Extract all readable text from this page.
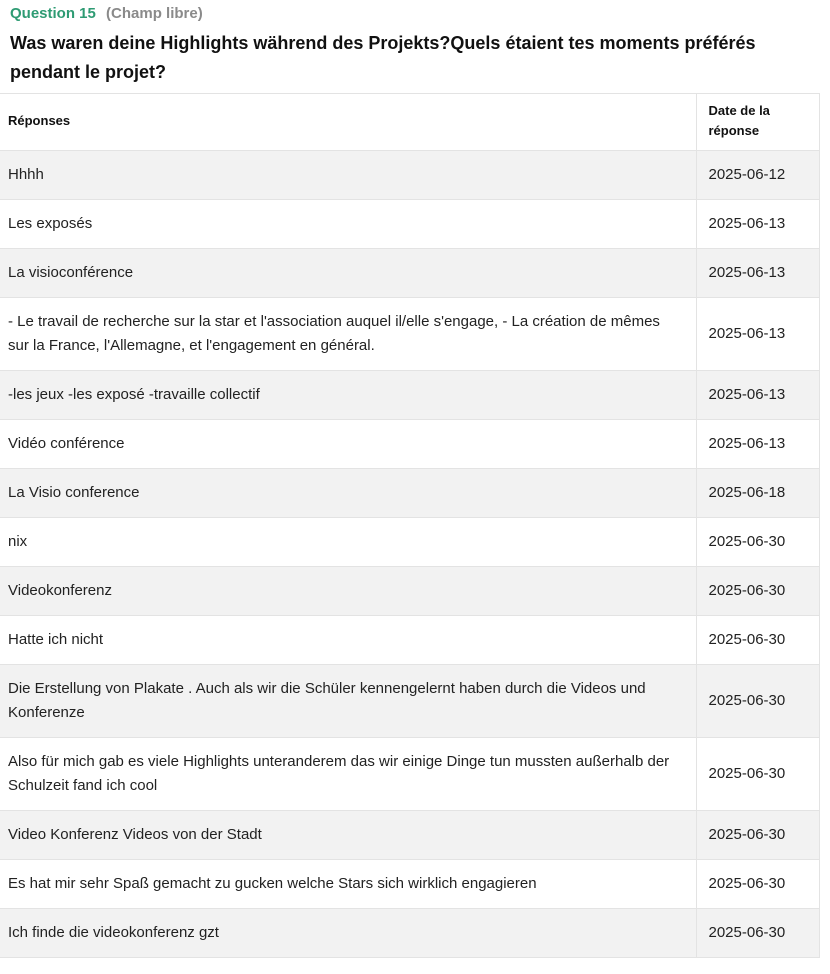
Question 15 (Champ libre)
Was waren deine Highlights während des Projekts?Quels étaient tes moments préférés pendant le projet?
Réponses	Date de la réponse
Hhhh	2025-06-12
Les exposés	2025-06-13
La visioconférence	2025-06-13
- Le travail de recherche sur la star et l'association auquel il/elle s'engage, - La création de mêmes sur la France, l'Allemagne, et l'engagement en général.	2025-06-13
-les jeux -les exposé -travaille collectif	2025-06-13
Vidéo conférence	2025-06-13
La Visio conference	2025-06-18
nix	2025-06-30
Videokonferenz	2025-06-30
Hatte ich nicht	2025-06-30
Die Erstellung von Plakate . Auch als wir die Schüler kennengelernt haben durch die Videos und Konferenze	2025-06-30
Also für mich gab es viele Highlights unteranderem das wir einige Dinge tun mussten außerhalb der Schulzeit fand ich cool	2025-06-30
Video Konferenz Videos von der Stadt	2025-06-30
Es hat mir sehr Spaß gemacht zu gucken welche Stars sich wirklich engagieren	2025-06-30
Ich finde die videokonferenz gzt	2025-06-30
